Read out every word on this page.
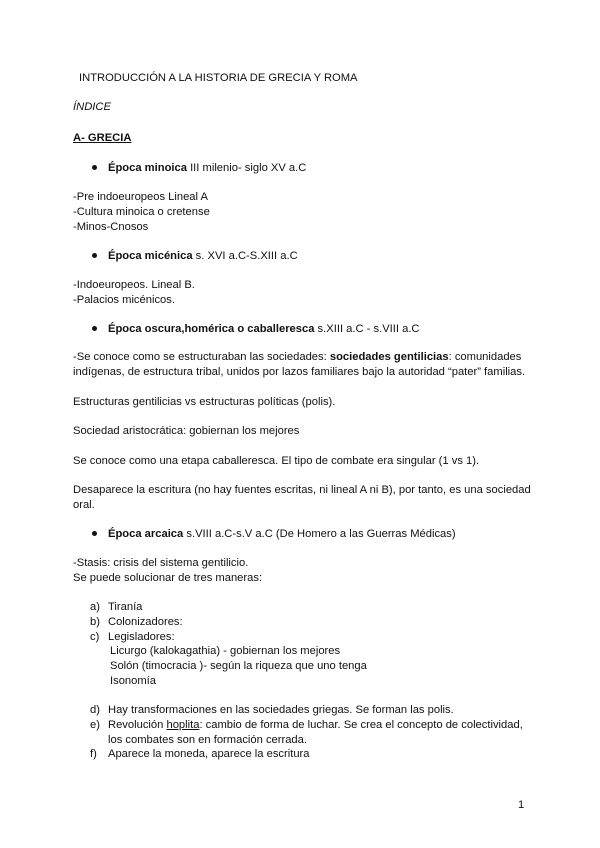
INTRODUCCIÓN A LA HISTORIA DE GRECIA Y ROMA
ÍNDICE
A- GRECIA
Época minoica III milenio- siglo XV a.C
-Pre indoeuropeos Lineal A
-Cultura minoica o cretense
-Minos-Cnosos
Época micénica s. XVI a.C-S.XIII a.C
-Indoeuropeos. Lineal B.
-Palacios micénicos.
Época oscura,homérica o caballeresca s.XIII a.C - s.VIII a.C
-Se conoce como se estructuraban las sociedades: sociedades gentilicias: comunidades
indígenas, de estructura tribal, unidos por lazos familiares bajo la autoridad “pater” familias.
Estructuras gentilicias vs estructuras políticas (polis).
Sociedad aristocrática: gobiernan los mejores
Se conoce como una etapa caballeresca. El tipo de combate era singular (1 vs 1).
Desaparece la escritura (no hay fuentes escritas, ni lineal A ni B), por tanto, es una sociedad
oral.
Época arcaica s.VIII a.C-s.V a.C (De Homero a las Guerras Médicas)
-Stasis: crisis del sistema gentilicio.
Se puede solucionar de tres maneras:
a) Tiranía
b) Colonizadores:
c) Legisladores:
Licurgo (kalokagathia) - gobiernan los mejores
Solón (timocracia )- según la riqueza que uno tenga
Isonomía
d) Hay transformaciones en las sociedades griegas. Se forman las polis.
e) Revolución hoplita: cambio de forma de luchar. Se crea el concepto de colectividad,
los combates son en formación cerrada.
f) Aparece la moneda, aparece la escritura
1
